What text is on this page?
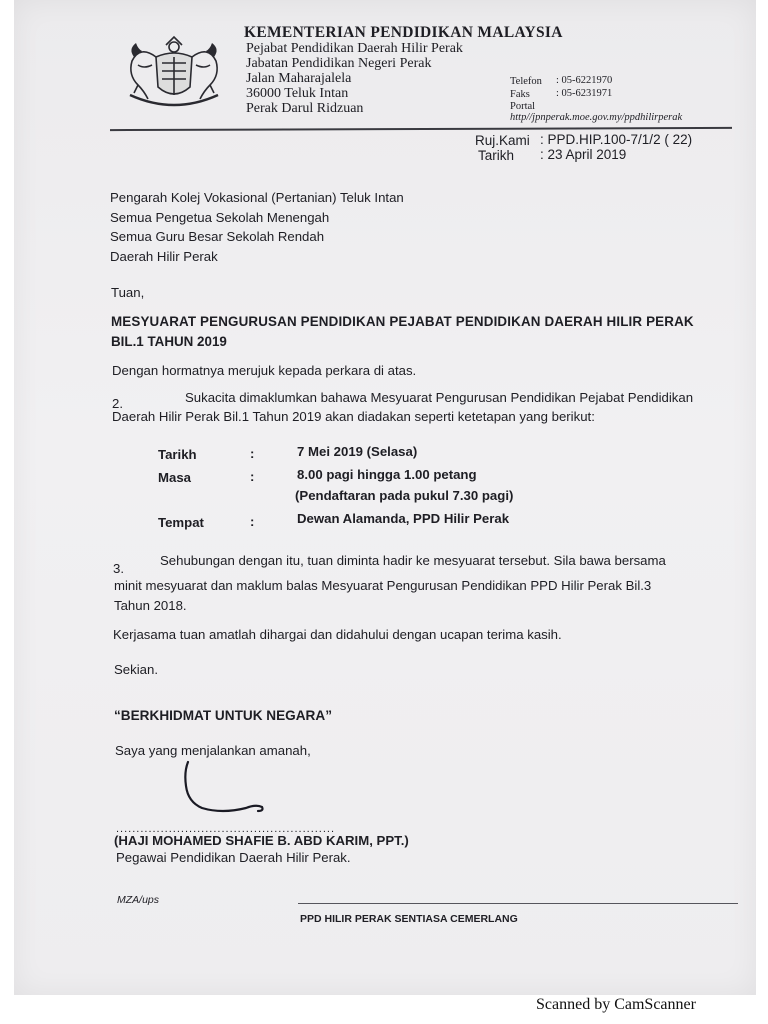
KEMENTERIAN PENDIDIKAN MALAYSIA
Pejabat Pendidikan Daerah Hilir Perak
Jabatan Pendidikan Negeri Perak
Jalan Maharajalela
36000 Teluk Intan
Perak Darul Ridzuan
Telefon : 05-6221970
Faks : 05-6231971
Portal
http//jpnperak.moe.gov.my/ppdhilirperak
Ruj.Kami : PPD.HIP.100-7/1/2 ( 22)
Tarikh : 23 April 2019
Pengarah Kolej Vokasional (Pertanian) Teluk Intan
Semua Pengetua Sekolah Menengah
Semua Guru Besar Sekolah Rendah
Daerah Hilir Perak
Tuan,
MESYUARAT PENGURUSAN PENDIDIKAN PEJABAT PENDIDIKAN DAERAH HILIR PERAK
BIL.1 TAHUN 2019
Dengan hormatnya merujuk kepada perkara di atas.
2.	Sukacita dimaklumkan bahawa Mesyuarat Pengurusan Pendidikan Pejabat Pendidikan
Daerah Hilir Perak Bil.1 Tahun 2019 akan diadakan seperti ketetapan yang berikut:
Tarikh	:	7 Mei 2019 (Selasa)
Masa	:	8.00 pagi hingga 1.00 petang
(Pendaftaran pada pukul 7.30 pagi)
Tempat	:	Dewan Alamanda, PPD Hilir Perak
3.
Sehubungan dengan itu, tuan diminta hadir ke mesyuarat tersebut. Sila bawa bersama
minit mesyuarat dan maklum balas Mesyuarat Pengurusan Pendidikan PPD Hilir Perak Bil.3
Tahun 2018.
Kerjasama tuan amatlah dihargai dan didahului dengan ucapan terima kasih.
Sekian.
“BERKHIDMAT UNTUK NEGARA”
Saya yang menjalankan amanah,
......................................................
(HAJI MOHAMED SHAFIE B. ABD KARIM, PPT.)
Pegawai Pendidikan Daerah Hilir Perak.
MZA/ups
PPD HILIR PERAK SENTIASA CEMERLANG
Scanned by CamScanner
